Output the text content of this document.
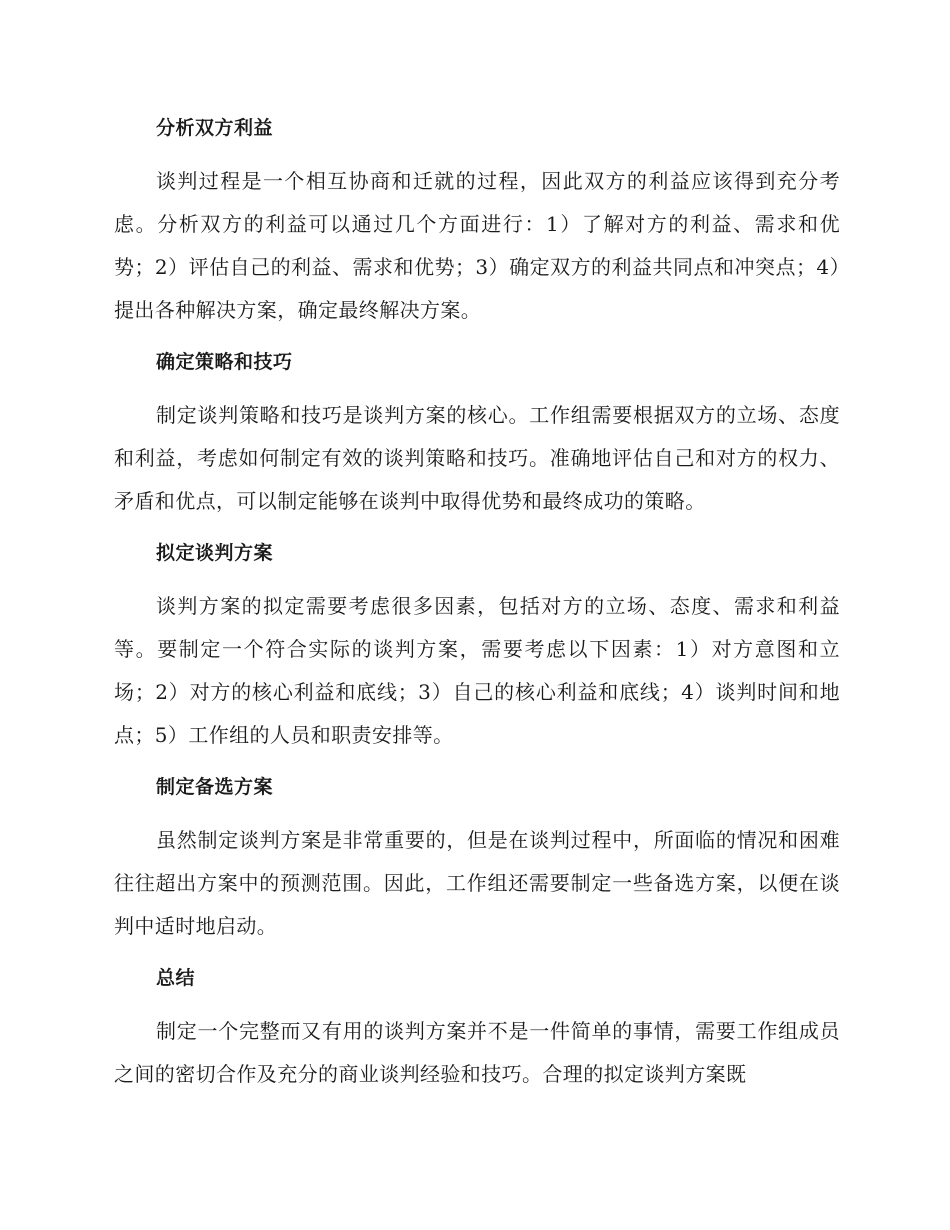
分析双方利益

谈判过程是一个相互协商和迁就的过程，因此双方的利益应该得到充分考虑。分析双方的利益可以通过几个方面进行：1）了解对方的利益、需求和优势；2）评估自己的利益、需求和优势；3）确定双方的利益共同点和冲突点；4）提出各种解决方案，确定最终解决方案。

确定策略和技巧

制定谈判策略和技巧是谈判方案的核心。工作组需要根据双方的立场、态度和利益，考虑如何制定有效的谈判策略和技巧。准确地评估自己和对方的权力、矛盾和优点，可以制定能够在谈判中取得优势和最终成功的策略。

拟定谈判方案

谈判方案的拟定需要考虑很多因素，包括对方的立场、态度、需求和利益等。要制定一个符合实际的谈判方案，需要考虑以下因素：1）对方意图和立场；2）对方的核心利益和底线；3）自己的核心利益和底线；4）谈判时间和地点；5）工作组的人员和职责安排等。

制定备选方案

虽然制定谈判方案是非常重要的，但是在谈判过程中，所面临的情况和困难往往超出方案中的预测范围。因此，工作组还需要制定一些备选方案，以便在谈判中适时地启动。

总结

制定一个完整而又有用的谈判方案并不是一件简单的事情，需要工作组成员之间的密切合作及充分的商业谈判经验和技巧。合理的拟定谈判方案既
